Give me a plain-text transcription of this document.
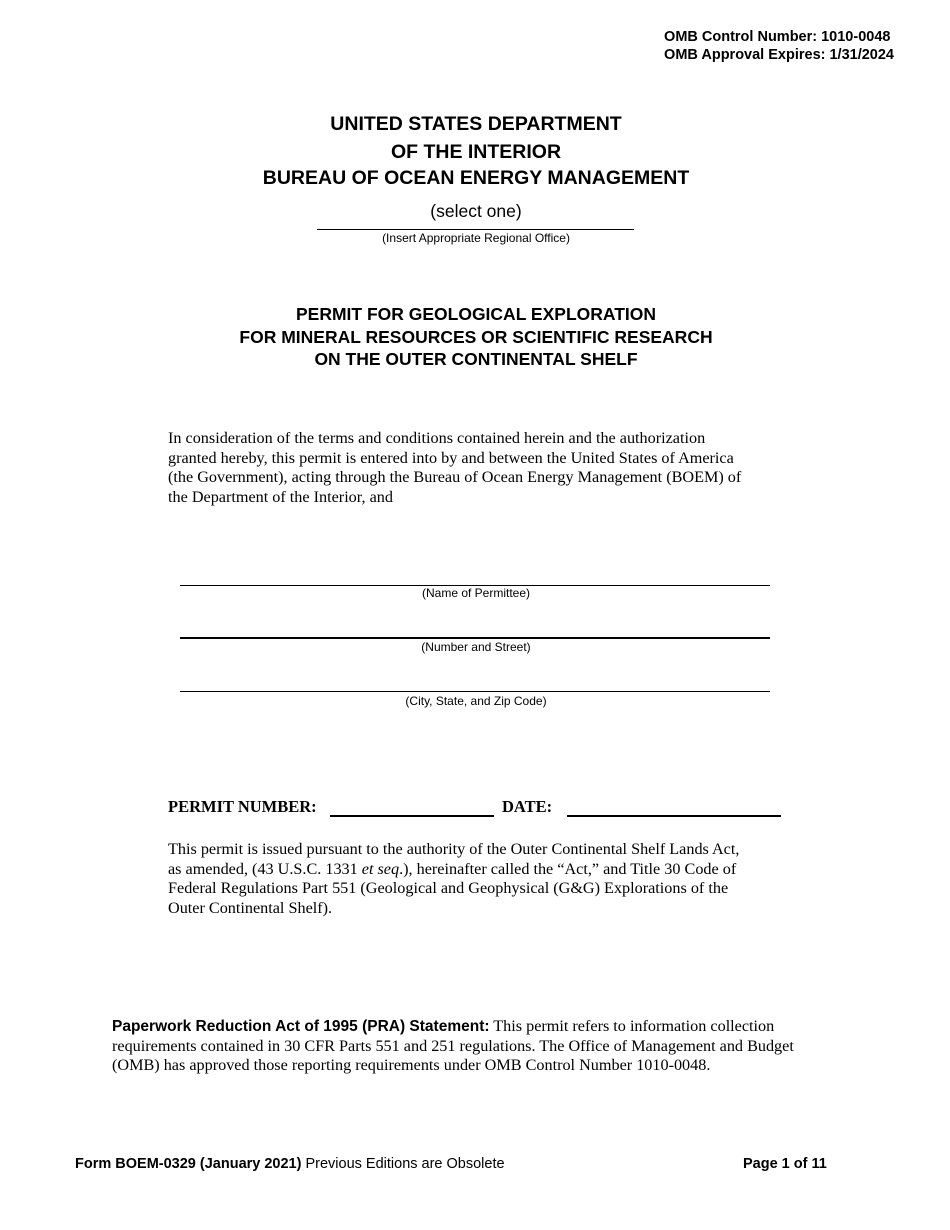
OMB Control Number: 1010-0048
OMB Approval Expires: 1/31/2024
UNITED STATES DEPARTMENT
OF THE INTERIOR
BUREAU OF OCEAN ENERGY MANAGEMENT
(select one)
(Insert Appropriate Regional Office)
PERMIT FOR GEOLOGICAL EXPLORATION
FOR MINERAL RESOURCES OR SCIENTIFIC RESEARCH
ON THE OUTER CONTINENTAL SHELF
In consideration of the terms and conditions contained herein and the authorization
granted hereby, this permit is entered into by and between the United States of America
(the Government), acting through the Bureau of Ocean Energy Management (BOEM) of
the Department of the Interior, and
(Name of Permittee)
(Number and Street)
(City, State, and Zip Code)
PERMIT NUMBER:	DATE:
This permit is issued pursuant to the authority of the Outer Continental Shelf Lands Act,
as amended, (43 U.S.C. 1331 et seq.), hereinafter called the “Act,” and Title 30 Code of
Federal Regulations Part 551 (Geological and Geophysical (G&G) Explorations of the
Outer Continental Shelf).
Paperwork Reduction Act of 1995 (PRA) Statement: This permit refers to information collection
requirements contained in 30 CFR Parts 551 and 251 regulations. The Office of Management and Budget
(OMB) has approved those reporting requirements under OMB Control Number 1010-0048.
Form BOEM-0329 (January 2021) Previous Editions are Obsolete	Page 1 of 11
